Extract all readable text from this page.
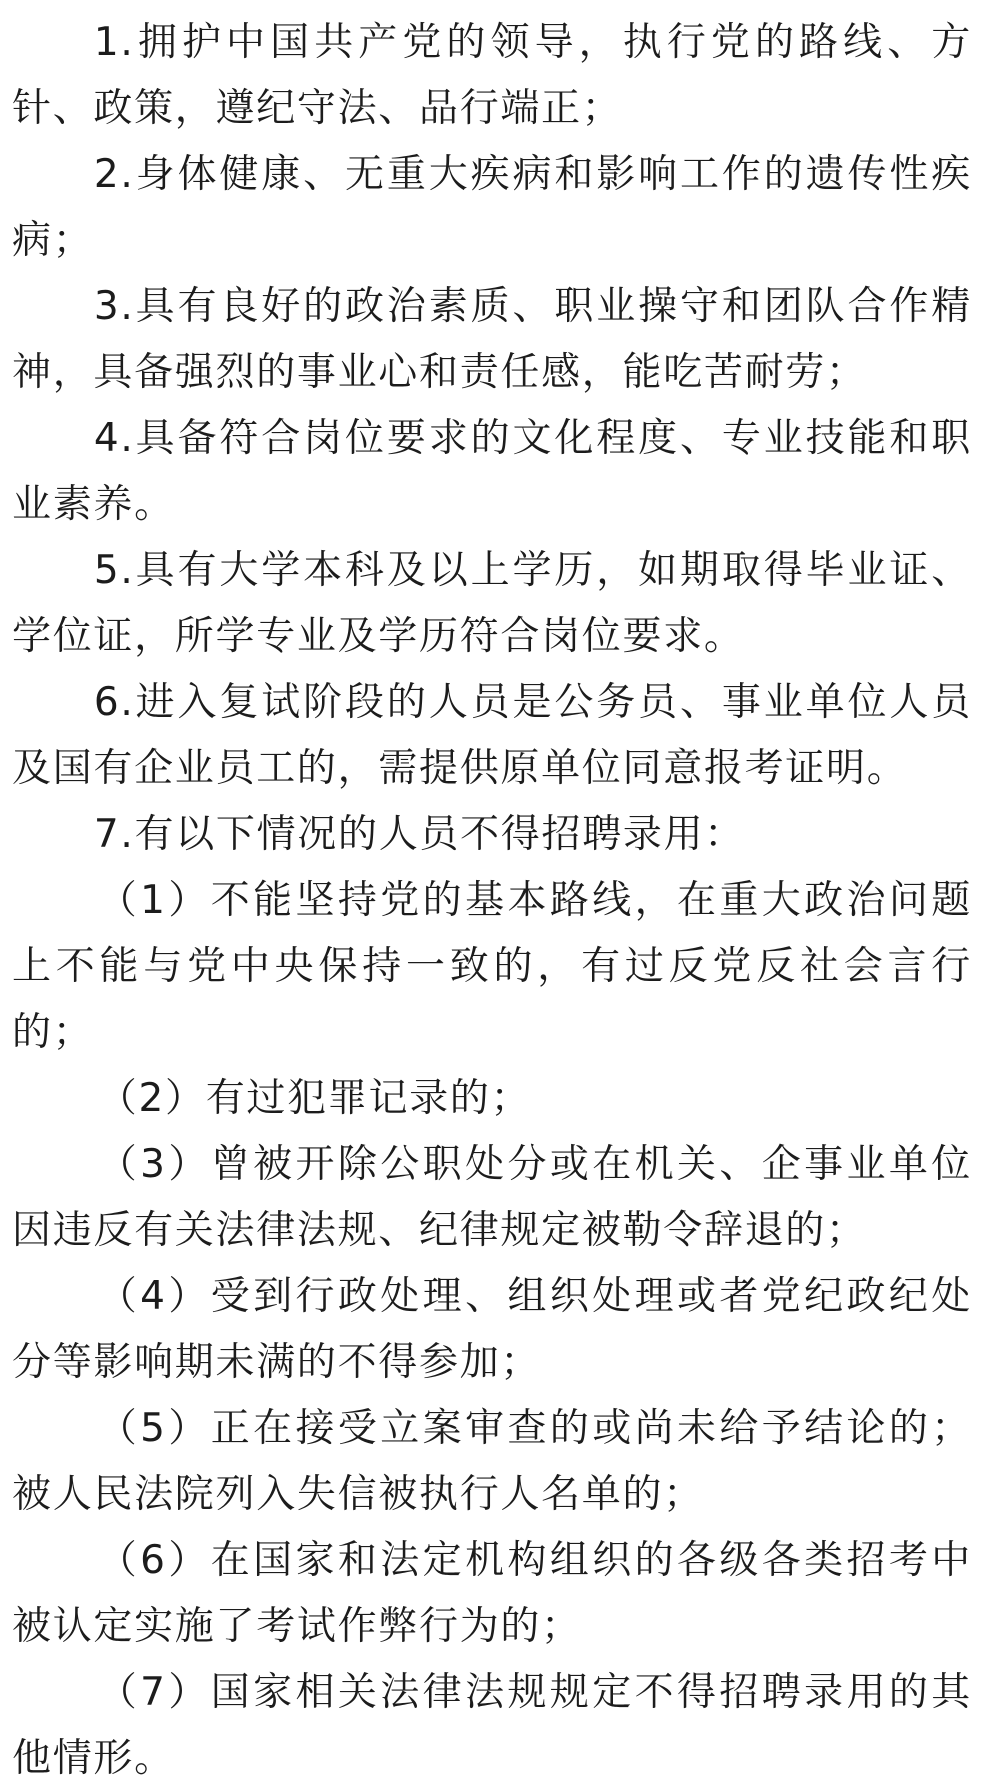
1.拥护中国共产党的领导，执行党的路线、方针、政策，遵纪守法、品行端正；

2.身体健康、无重大疾病和影响工作的遗传性疾病；

3.具有良好的政治素质、职业操守和团队合作精神，具备强烈的事业心和责任感，能吃苦耐劳；

4.具备符合岗位要求的文化程度、专业技能和职业素养。

5.具有大学本科及以上学历，如期取得毕业证、学位证，所学专业及学历符合岗位要求。

6.进入复试阶段的人员是公务员、事业单位人员及国有企业员工的，需提供原单位同意报考证明。

7.有以下情况的人员不得招聘录用：

（1）不能坚持党的基本路线，在重大政治问题上不能与党中央保持一致的，有过反党反社会言行的；

（2）有过犯罪记录的；

（3）曾被开除公职处分或在机关、企事业单位因违反有关法律法规、纪律规定被勒令辞退的；

（4）受到行政处理、组织处理或者党纪政纪处分等影响期未满的不得参加；

（5）正在接受立案审查的或尚未给予结论的；被人民法院列入失信被执行人名单的；

（6）在国家和法定机构组织的各级各类招考中被认定实施了考试作弊行为的；

（7）国家相关法律法规规定不得招聘录用的其他情形。
